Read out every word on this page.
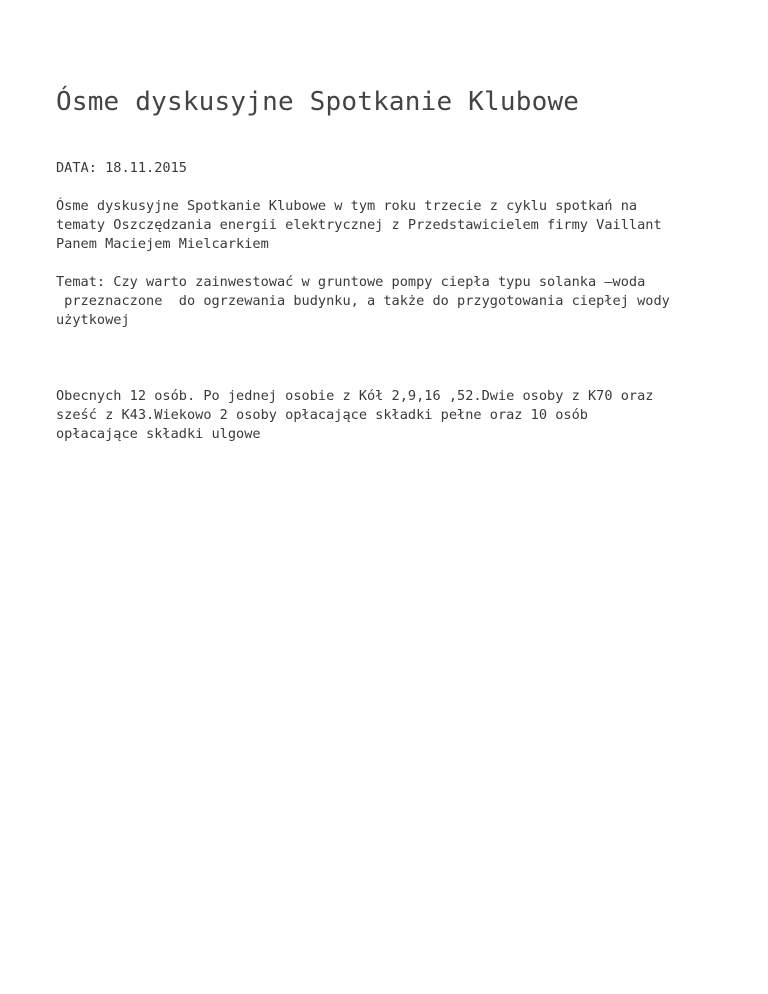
Ósme dyskusyjne Spotkanie Klubowe

DATA: 18.11.2015

Ósme dyskusyjne Spotkanie Klubowe w tym roku trzecie z cyklu spotkań na

tematy Oszczędzania energii elektrycznej z Przedstawicielem firmy Vaillant

Panem Maciejem Mielcarkiem

Temat: Czy warto zainwestować w gruntowe pompy ciepła typu solanka –woda

przeznaczone  do ogrzewania budynku, a także do przygotowania ciepłej wody

użytkowej

Obecnych 12 osób. Po jednej osobie z Kół 2,9,16 ,52.Dwie osoby z K70 oraz

sześć z K43.Wiekowo 2 osoby opłacające składki pełne oraz 10 osób

opłacające składki ulgowe
